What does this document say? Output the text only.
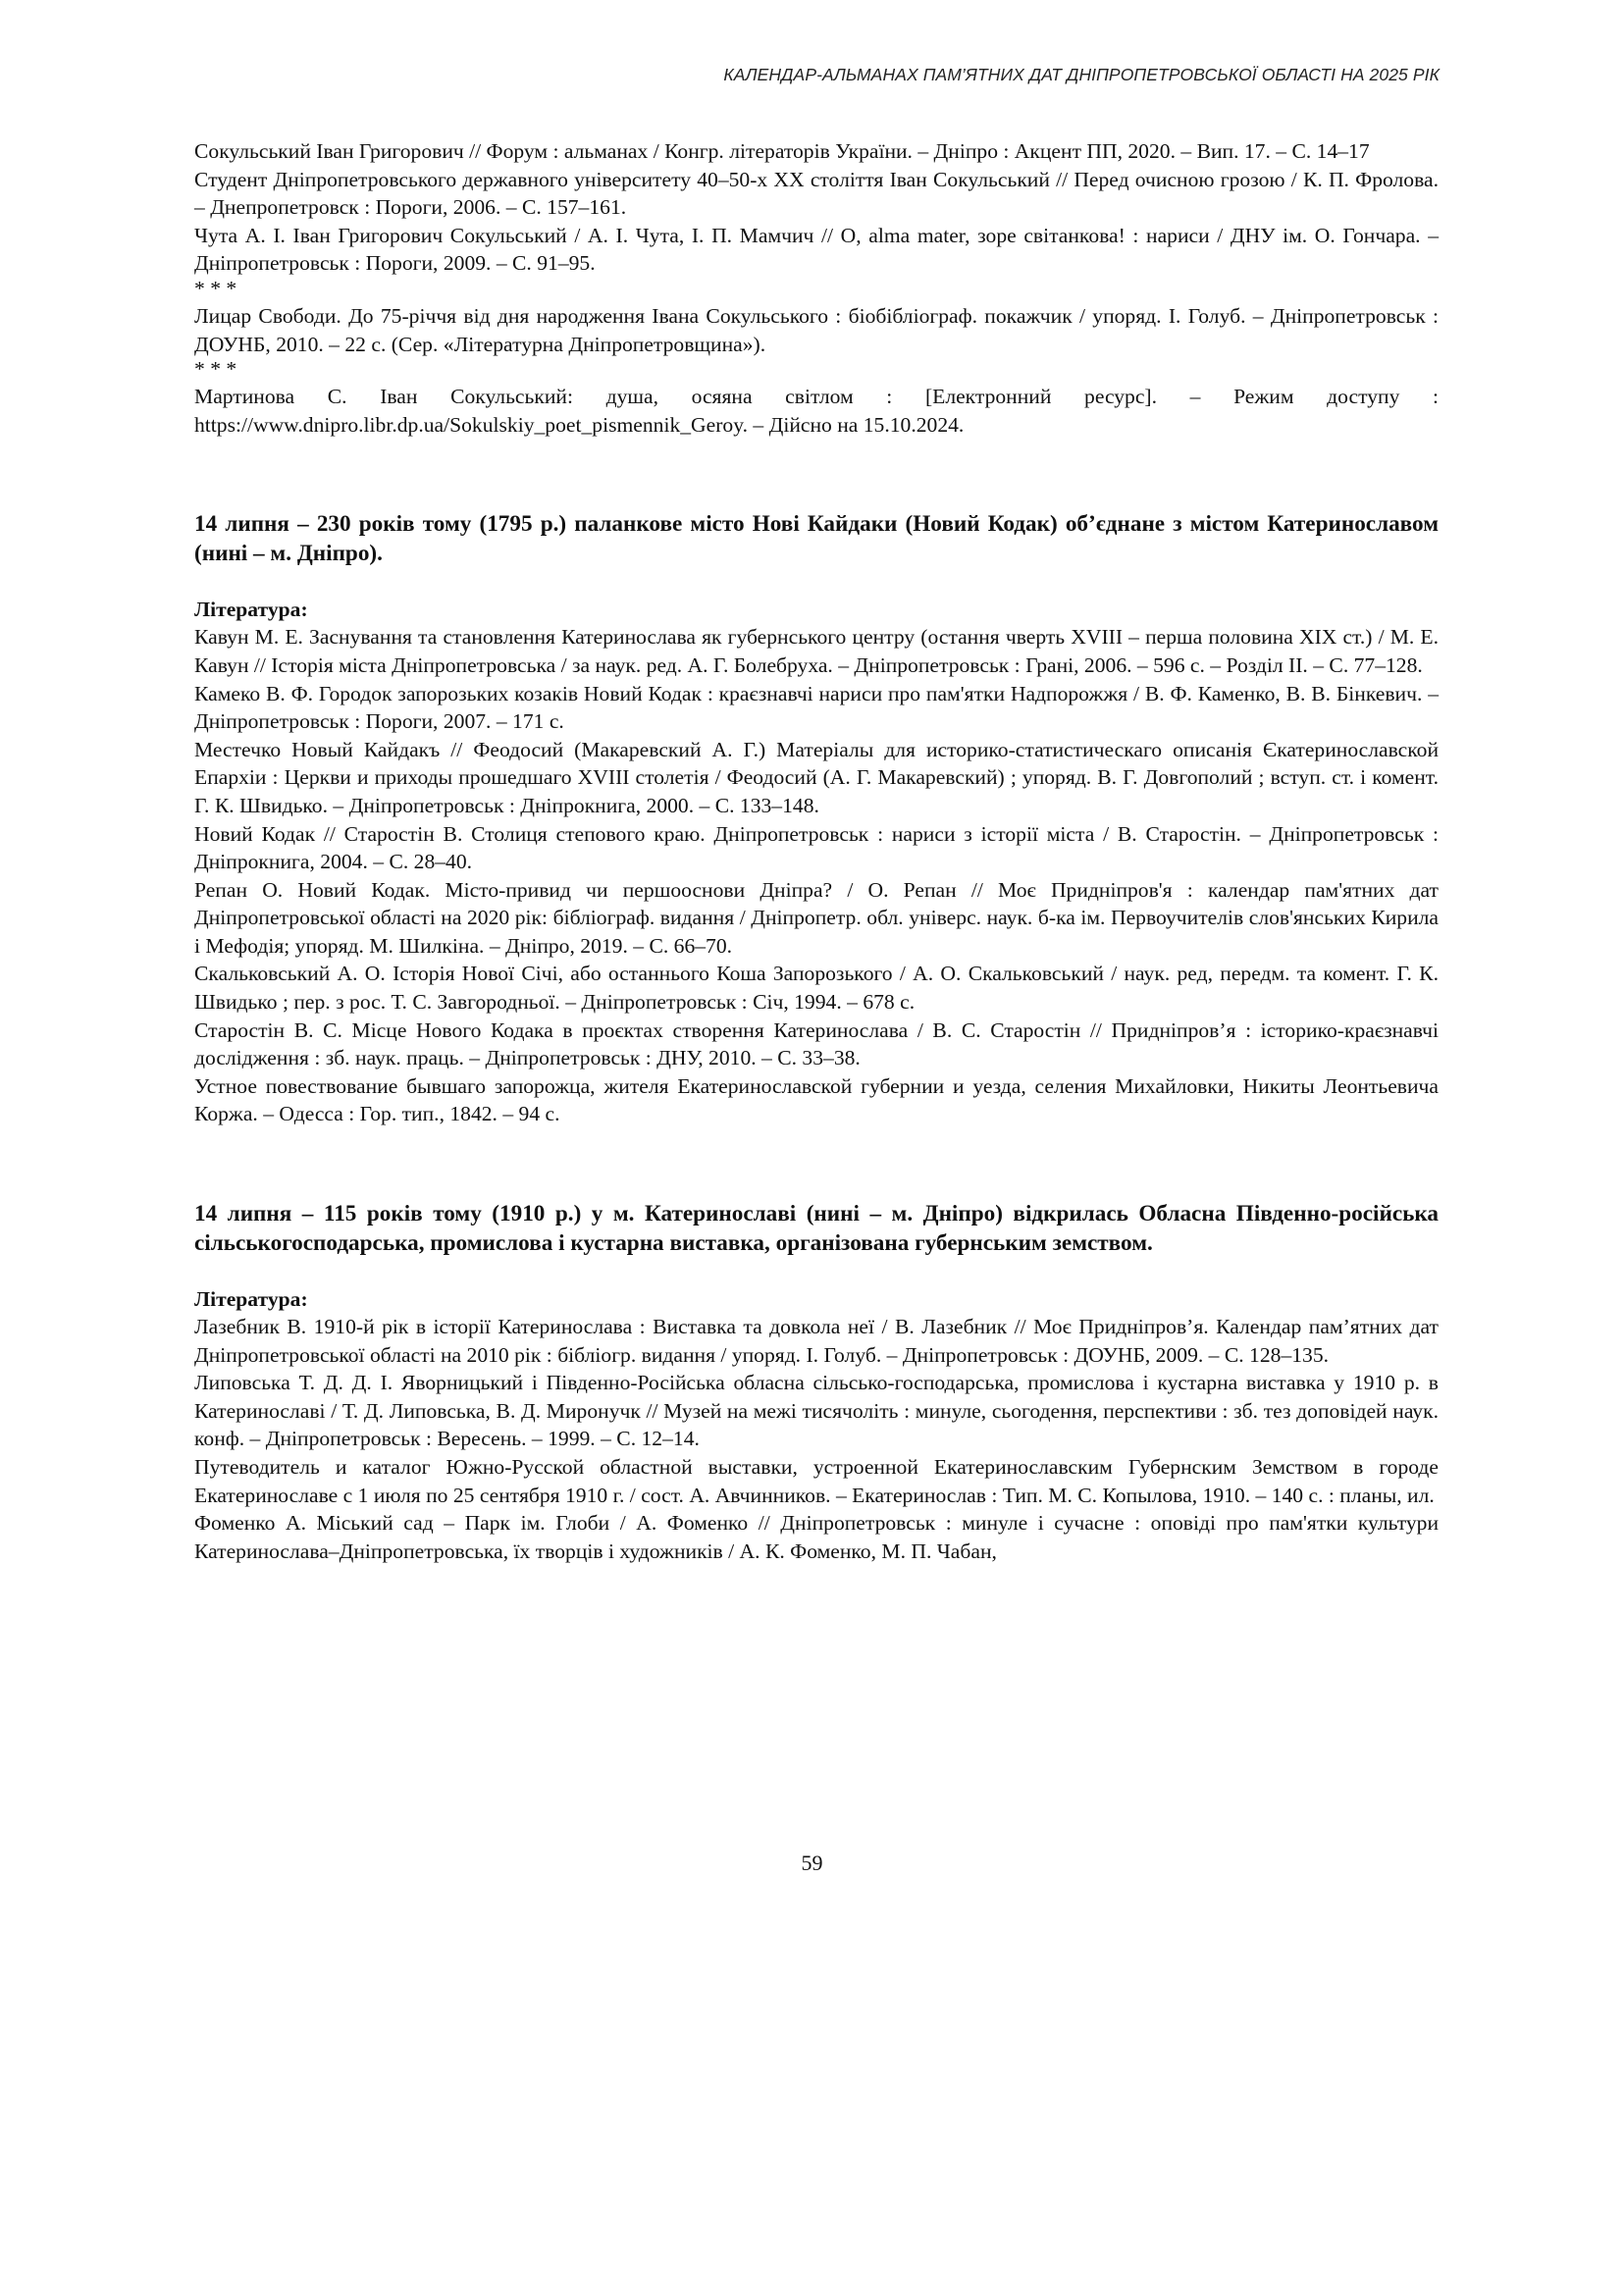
КАЛЕНДАР-АЛЬМАНАХ ПАМ’ЯТНИХ ДАТ ДНІПРОПЕТРОВСЬКОЇ ОБЛАСТІ НА 2025 РІК

Сокульський Іван Григорович // Форум : альманах / Конгр. літераторів України. – Дніпро : Акцент ПП, 2020. – Вип. 17. – С. 14–17

Студент Дніпропетровського державного університету 40–50-х XX століття Іван Сокульський // Перед очисною грозою / К. П. Фролова. – Днепропетровск : Пороги, 2006. – С. 157–161.

Чута А. І. Іван Григорович Сокульський / А. І. Чута, І. П. Мамчич // О, alma mater, зоре світанкова! : нариси / ДНУ ім. О. Гончара. – Дніпропетровськ : Пороги, 2009. – С. 91–95.

* * *

Лицар Свободи. До 75-річчя від дня народження Івана Сокульського : біобібліограф. покажчик / упоряд. І. Голуб. – Дніпропетровськ : ДОУНБ, 2010. – 22 с. (Сер. «Літературна Дніпропетровщина»).

* * *

Мартинова С. Іван Сокульський: душа, осяяна світлом : [Електронний ресурс]. – Режим доступу : https://www.dnipro.libr.dp.ua/Sokulskiy_poet_pismennik_Geroy. – Дійсно на 15.10.2024.

14 липня – 230 років тому (1795 р.) паланкове місто Нові Кайдаки (Новий Кодак) об’єднане з містом Катеринославом (нині – м. Дніпро).

Література:

Кавун М. Е. Заснування та становлення Катеринослава як губернського центру (остання чверть XVIII – перша половина XIX ст.) / М. Е. Кавун // Історія міста Дніпропетровська / за наук. ред. А. Г. Болебруха. – Дніпропетровськ : Грані, 2006. – 596 с. – Розділ ІІ. – С. 77–128.

Камеко В. Ф. Городок запорозьких козаків Новий Кодак : краєзнавчі нариси про пам'ятки Надпорожжя / В. Ф. Каменко, В. В. Бінкевич. – Дніпропетровськ : Пороги, 2007. – 171 с.

Местечко Новый Кайдакъ // Феодосий (Макаревский А. Г.) Матеріалы для историко-статистическаго описанія Єкатеринославской Епархіи : Церкви и приходы прошедшаго XVIII столетія / Феодосий (А. Г. Макаревский) ; упоряд. В. Г. Довгополий ; вступ. ст. і комент. Г. К. Швидько. – Дніпропетровськ : Дніпрокнига, 2000. – С. 133–148.

Новий Кодак // Старостін В. Столиця степового краю. Дніпропетровськ : нариси з історії міста / В. Старостін. – Дніпропетровськ : Дніпрокнига, 2004. – С. 28–40.

Репан О. Новий Кодак. Місто-привид чи першооснови Дніпра? / О. Репан // Моє Придніпров'я : календар пам'ятних дат Дніпропетровської області на 2020 рік: бібліограф. видання / Дніпропетр. обл. універс. наук. б-ка ім. Первоучителів слов'янських Кирила і Мефодія; упоряд. М. Шилкіна. – Дніпро, 2019. – С. 66–70.

Скальковський А. О. Історія Нової Січі, або останнього Коша Запорозького / А. О. Скальковський / наук. ред, передм. та комент. Г. К. Швидько ; пер. з рос. Т. С. Завгородньої. – Дніпропетровськ : Січ, 1994. – 678 с.

Старостін В. С. Місце Нового Кодака в проєктах створення Катеринослава / В. С. Старостін // Придніпров’я : історико-краєзнавчі дослідження : зб. наук. праць. – Дніпропетровськ : ДНУ, 2010. – С. 33–38.

Устное повествование бывшаго запорожца, жителя Екатеринославской губернии и уезда, селения Михайловки, Никиты Леонтьевича Коржа. – Одесса : Гор. тип., 1842. – 94 с.

14 липня – 115 років тому (1910 р.) у м. Катеринославі (нині – м. Дніпро) відкрилась Обласна Південно-російська сільськогосподарська, промислова і кустарна виставка, організована губернським земством.

Література:

Лазебник В. 1910-й рік в історії Катеринослава : Виставка та довкола неї / В. Лазебник // Моє Придніпров’я. Календар пам’ятних дат Дніпропетровської області на 2010 рік : бібліогр. видання / упоряд. І. Голуб. – Дніпропетровськ : ДОУНБ, 2009. – С. 128–135.

Липовська Т. Д. Д. І. Яворницький і Південно-Російська обласна сільсько-господарська, промислова і кустарна виставка у 1910 р. в Катеринославі / Т. Д. Липовська, В. Д. Миронучк // Музей на межі тисячоліть : минуле, сьогодення, перспективи : зб. тез доповідей наук. конф. – Дніпропетровськ : Вересень. – 1999. – С. 12–14.

Путеводитель и каталог Южно-Русской областной выставки, устроенной Екатеринославским Губернским Земством в городе Екатеринославе с 1 июля по 25 сентября 1910 г. / сост. А. Авчинников. – Екатеринослав : Тип. М. С. Копылова, 1910. – 140 с. : планы, ил.

Фоменко А. Міський сад – Парк ім. Глоби / А. Фоменко // Дніпропетровськ : минуле і сучасне : оповіді про пам'ятки культури Катеринослава–Дніпропетровська, їх творців і художників / А. К. Фоменко, М. П. Чабан,

59
